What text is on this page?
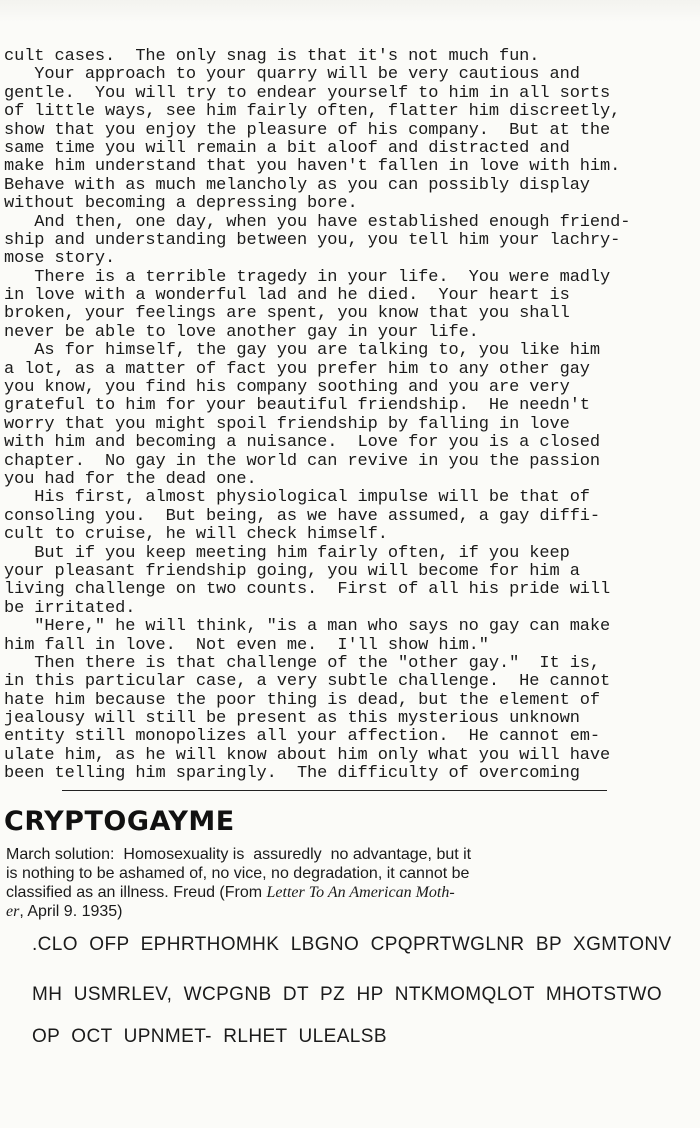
cult cases.  The only snag is that it's not much fun.
Your approach to your quarry will be very cautious and
gentle.  You will try to endear yourself to him in all sorts
of little ways, see him fairly often, flatter him discreetly,
show that you enjoy the pleasure of his company.  But at the
same time you will remain a bit aloof and distracted and
make him understand that you haven't fallen in love with him.
Behave with as much melancholy as you can possibly display
without becoming a depressing bore.
And then, one day, when you have established enough friend-
ship and understanding between you, you tell him your lachry-
mose story.
There is a terrible tragedy in your life.  You were madly
in love with a wonderful lad and he died.  Your heart is
broken, your feelings are spent, you know that you shall
never be able to love another gay in your life.
As for himself, the gay you are talking to, you like him
a lot, as a matter of fact you prefer him to any other gay
you know, you find his company soothing and you are very
grateful to him for your beautiful friendship.  He needn't
worry that you might spoil friendship by falling in love
with him and becoming a nuisance.  Love for you is a closed
chapter.  No gay in the world can revive in you the passion
you had for the dead one.
His first, almost physiological impulse will be that of
consoling you.  But being, as we have assumed, a gay diffi-
cult to cruise, he will check himself.
But if you keep meeting him fairly often, if you keep
your pleasant friendship going, you will become for him a
living challenge on two counts.  First of all his pride will
be irritated.
"Here," he will think, "is a man who says no gay can make
him fall in love.  Not even me.  I'll show him."
Then there is that challenge of the "other gay."  It is,
in this particular case, a very subtle challenge.  He cannot
hate him because the poor thing is dead, but the element of
jealousy will still be present as this mysterious unknown
entity still monopolizes all your affection.  He cannot em-
ulate him, as he will know about him only what you will have
been telling him sparingly.  The difficulty of overcoming
CRYPTOGAYME
March solution:  Homosexuality is  assuredly  no advantage, but it
is nothing to be ashamed of, no vice, no degradation, it cannot be
classified as an illness. Freud (From Letter To An American Moth-
er, April 9. 1935)
.CLO  OFP  EPHRTHOMHK  LBGNO  CPQPRTWGLNR  BP  XGMTONV
MH  USMRLEV,  WCPGNB  DT  PZ  HP  NTKMOMQLOT  MHOTSTWO
OP  OCT  UPNMET-  RLHET  ULEALSB
